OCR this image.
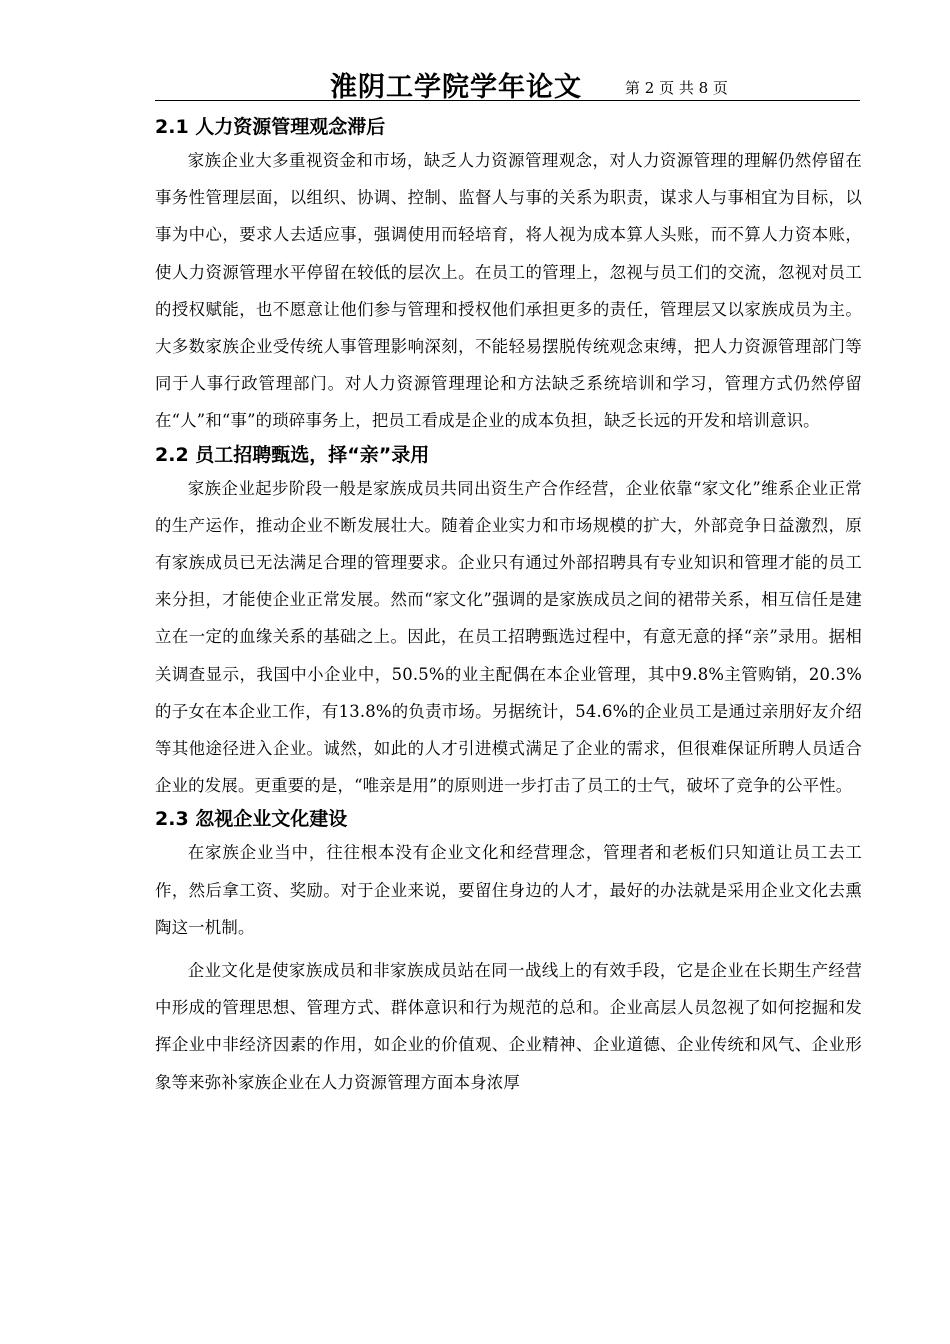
淮阴工学院学年论文	第 2 页 共 8 页
2.1 人力资源管理观念滞后

家族企业大多重视资金和市场，缺乏人力资源管理观念，对人力资源管理的理解仍然停留在事务性管理层面，以组织、协调、控制、监督人与事的关系为职责，谋求人与事相宜为目标，以事为中心，要求人去适应事，强调使用而轻培育，将人视为成本算人头账，而不算人力资本账，使人力资源管理水平停留在较低的层次上。在员工的管理上，忽视与员工们的交流，忽视对员工的授权赋能，也不愿意让他们参与管理和授权他们承担更多的责任，管理层又以家族成员为主。大多数家族企业受传统人事管理影响深刻，不能轻易摆脱传统观念束缚，把人力资源管理部门等同于人事行政管理部门。对人力资源管理理论和方法缺乏系统培训和学习，管理方式仍然停留在“人”和“事”的琐碎事务上，把员工看成是企业的成本负担，缺乏长远的开发和培训意识。

2.2 员工招聘甄选，择“亲”录用

家族企业起步阶段一般是家族成员共同出资生产合作经营，企业依靠“家文化”维系企业正常的生产运作，推动企业不断发展壮大。随着企业实力和市场规模的扩大，外部竞争日益激烈，原有家族成员已无法满足合理的管理要求。企业只有通过外部招聘具有专业知识和管理才能的员工来分担，才能使企业正常发展。然而“家文化”强调的是家族成员之间的裙带关系，相互信任是建立在一定的血缘关系的基础之上。因此，在员工招聘甄选过程中，有意无意的择“亲”录用。据相关调查显示，我国中小企业中，50.5%的业主配偶在本企业管理，其中9.8%主管购销，20.3%的子女在本企业工作，有13.8%的负责市场。另据统计，54.6%的企业员工是通过亲朋好友介绍等其他途径进入企业。诚然，如此的人才引进模式满足了企业的需求，但很难保证所聘人员适合企业的发展。更重要的是，“唯亲是用”的原则进一步打击了员工的士气，破坏了竞争的公平性。

2.3 忽视企业文化建设

在家族企业当中，往往根本没有企业文化和经营理念，管理者和老板们只知道让员工去工作，然后拿工资、奖励。对于企业来说，要留住身边的人才，最好的办法就是采用企业文化去熏陶这一机制。

企业文化是使家族成员和非家族成员站在同一战线上的有效手段，它是企业在长期生产经营中形成的管理思想、管理方式、群体意识和行为规范的总和。企业高层人员忽视了如何挖掘和发挥企业中非经济因素的作用，如企业的价值观、企业精神、企业道德、企业传统和风气、企业形象等来弥补家族企业在人力资源管理方面本身浓厚
